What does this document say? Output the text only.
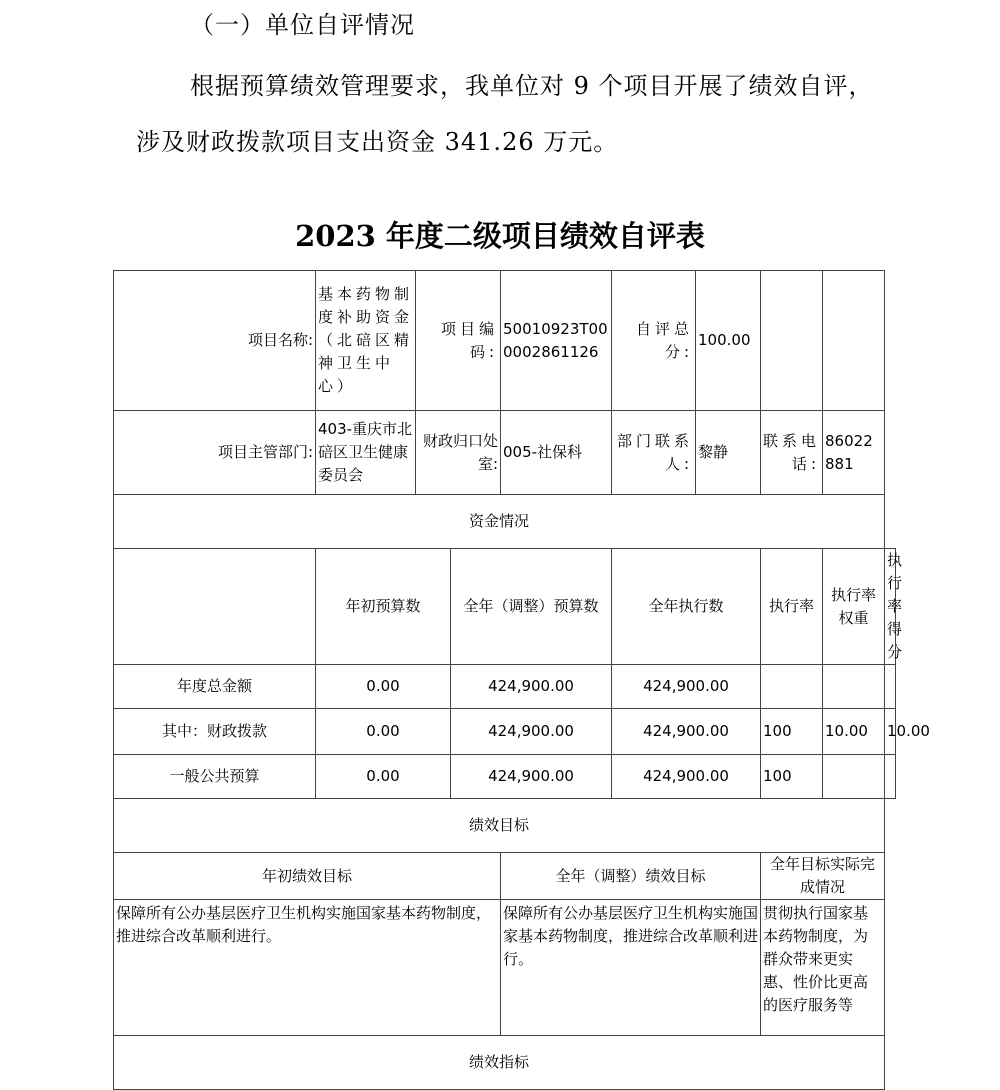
（一）单位自评情况
根据预算绩效管理要求，我单位对 9 个项目开展了绩效自评，
涉及财政拨款项目支出资金 341.26 万元。
2023 年度二级项目绩效自评表
项目名称:	基本药物制度补助资金（北碚区精神卫生中心）	项目编码:		50010923T000002861126	自评总分:	100.00			
项目主管部门:	403-重庆市北碚区卫生健康委员会	财政归口处室:		005-社保科	部门联系人:	黎静	联系电话:	86022881	
资金情况									
	年初预算数		全年（调整）预算数		全年执行数		执行率	执行率权重	执行率得分
年度总金额	0.00		424,900.00		424,900.00				
其中：财政拨款	0.00		424,900.00		424,900.00		100	10.00	10.00
一般公共预算	0.00		424,900.00		424,900.00		100		
绩效目标									
年初绩效目标				全年（调整）绩效目标			全年目标实际完成情况		
保障所有公办基层医疗卫生机构实施国家基本药物制度，推进综合改革顺利进行。				保障所有公办基层医疗卫生机构实施国家基本药物制度，推进综合改革顺利进行。			贯彻执行国家基本药物制度，为群众带来更实惠、性价比更高的医疗服务等		
绩效指标									
